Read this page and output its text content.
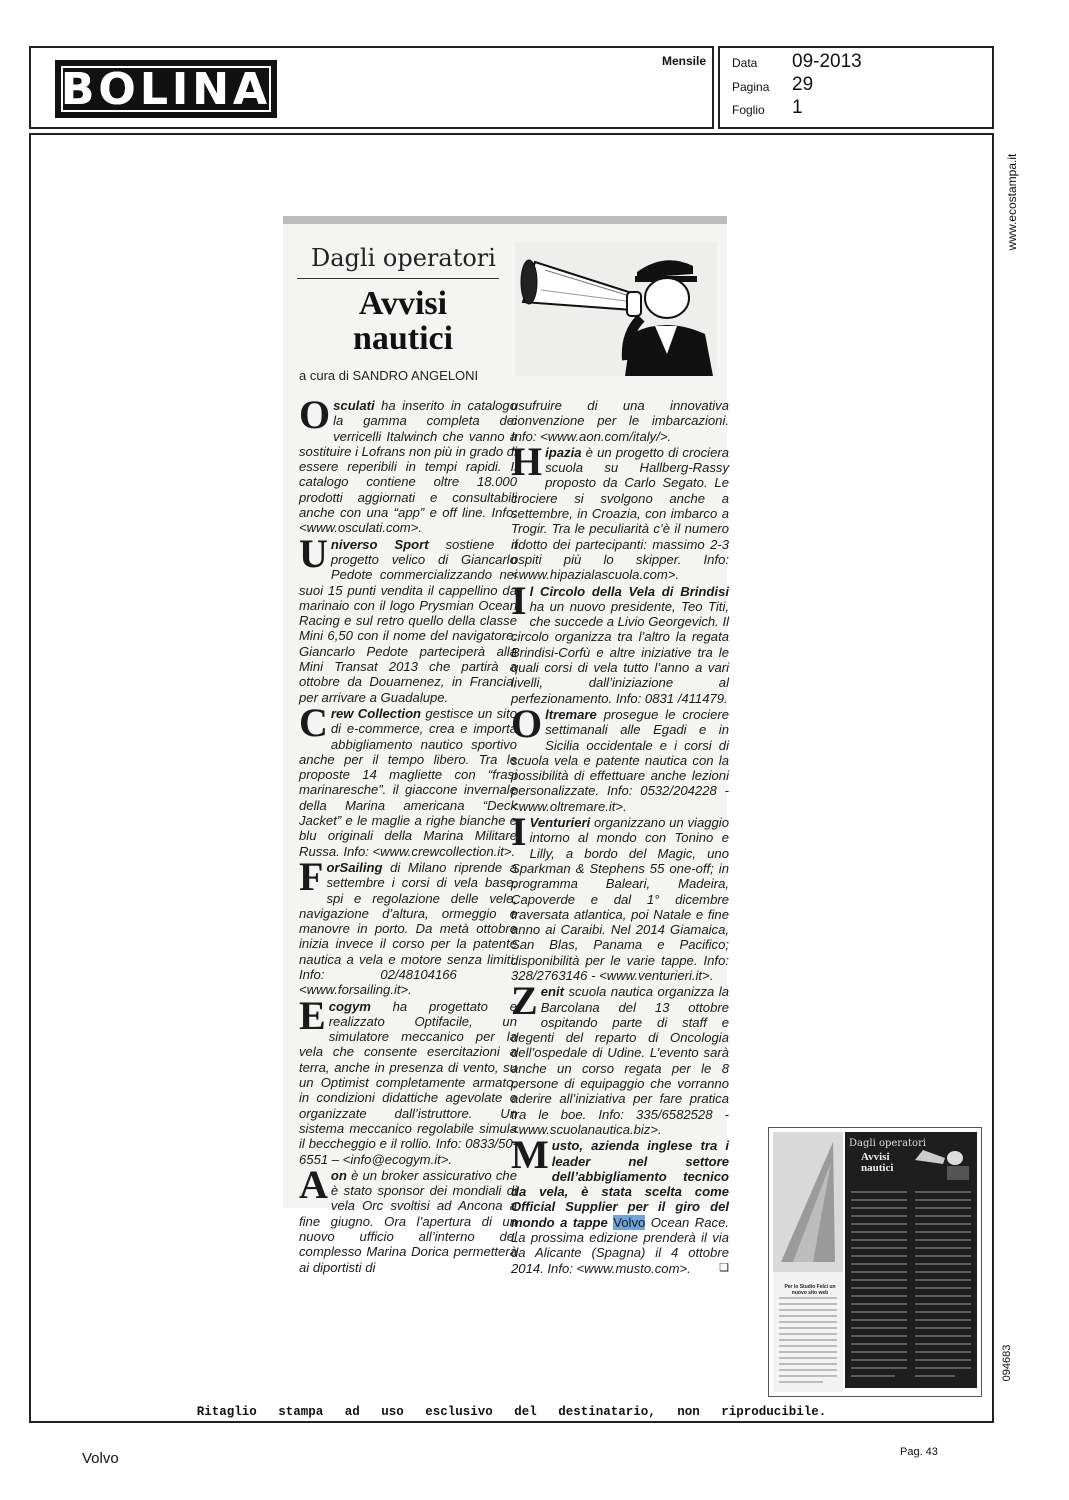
BOLINA
Mensile Data 09-2013
Pagina 29
Foglio 1
www.ecostampa.it
094683
Dagli operatori
Avvisi
nautici
a cura di SANDRO ANGELONI

Osculati ha inserito in catalogo la gamma completa dei verricelli Italwinch che vanno a sostituire i Lofrans non più in grado di essere reperibili in tempi rapidi. Il catalogo contiene oltre 18.000 prodotti aggiornati e consultabili anche con una “app” e off line. Info: <www.osculati.com>.

Universo Sport sostiene il progetto velico di Giancarlo Pedote commercializzando nei suoi 15 punti vendita il cappellino da marinaio con il logo Prysmian Ocean Racing e sul retro quello della classe Mini 6,50 con il nome del navigatore. Giancarlo Pedote parteciperà alla Mini Transat 2013 che partirà a ottobre da Douarnenez, in Francia, per arrivare a Guadalupe.

Crew Collection gestisce un sito di e-commerce, crea e importa abbigliamento nautico sportivo anche per il tempo libero. Tra le proposte 14 magliette con “frasi marinaresche”. il giaccone invernale della Marina americana “Deck Jacket” e le maglie a righe bianche e blu originali della Marina Militare Russa. Info: <www.crewcollection.it>.

ForSailing di Milano riprende a settembre i corsi di vela base, spi e regolazione delle vele, navigazione d’altura, ormeggio e manovre in porto. Da metà ottobre inizia invece il corso per la patente nautica a vela e motore senza limiti. Info: 02/48104166 - <www.forsailing.it>.

Ecogym ha progettato e realizzato Optifacile, un simulatore meccanico per la vela che consente esercitazioni a terra, anche in presenza di vento, su un Optimist completamente armato, in condizioni didattiche agevolate e organizzate dall’istruttore. Un sistema meccanico regolabile simula il beccheggio e il rollio. Info: 0833/50-6551 – <info@ecogym.it>.

Aon è un broker assicurativo che è stato sponsor dei mondiali di vela Orc svoltisi ad Ancona a fine giugno. Ora l’apertura di un nuovo ufficio all’interno del complesso Marina Dorica permetterà ai diportisti di

usufruire di una innovativa convenzione per le imbarcazioni. Info: <www.aon.com/italy/>.

Hipazia è un progetto di crociera scuola su Hallberg-Rassy proposto da Carlo Segato. Le crociere si svolgono anche a settembre, in Croazia, con imbarco a Trogir. Tra le peculiarità c’è il numero ridotto dei partecipanti: massimo 2-3 ospiti più lo skipper. Info: <www.hipazialascuola.com>.

Il Circolo della Vela di Brindisi ha un nuovo presidente, Teo Titi, che succede a Livio Georgevich. Il circolo organizza tra l’altro la regata Brindisi-Corfù e altre iniziative tra le quali corsi di vela tutto l’anno a vari livelli, dall’iniziazione al perfezionamento. Info: 0831 /411479.

Oltremare prosegue le crociere settimanali alle Egadi e in Sicilia occidentale e i corsi di scuola vela e patente nautica con la possibilità di effettuare anche lezioni personalizzate. Info: 0532/204228 - <www.oltremare.it>.

I Venturieri organizzano un viaggio intorno al mondo con Tonino e Lilly, a bordo del Magic, uno Sparkman & Stephens 55 one-off; in programma Baleari, Madeira, Capoverde e dal 1° dicembre traversata atlantica, poi Natale e fine anno ai Caraibi. Nel 2014 Giamaica, San Blas, Panama e Pacifico; disponibilità per le varie tappe. Info: 328/2763146 - <www.venturieri.it>.

Zenit scuola nautica organizza la Barcolana del 13 ottobre ospitando parte di staff e degenti del reparto di Oncologia dell’ospedale di Udine. L’evento sarà anche un corso regata per le 8 persone di equipaggio che vorranno aderire all’iniziativa per fare pratica tra le boe. Info: 335/6582528 - <www.scuolanautica.biz>.

Musto, azienda inglese tra i leader nel settore dell’abbigliamento tecnico da vela, è stata scelta come Official Supplier per il giro del mondo a tappe Volvo Ocean Race. La prossima edizione prenderà il via da Alicante (Spagna) il 4 ottobre 2014. Info: <www.musto.com>.	❑

Per lo Studio Felci un nuovo sito web
Dagli operatori
Avvisi
nautici
Ritaglio stampa ad uso esclusivo del destinatario, non riproducibile.
Volvo	Pag. 43
